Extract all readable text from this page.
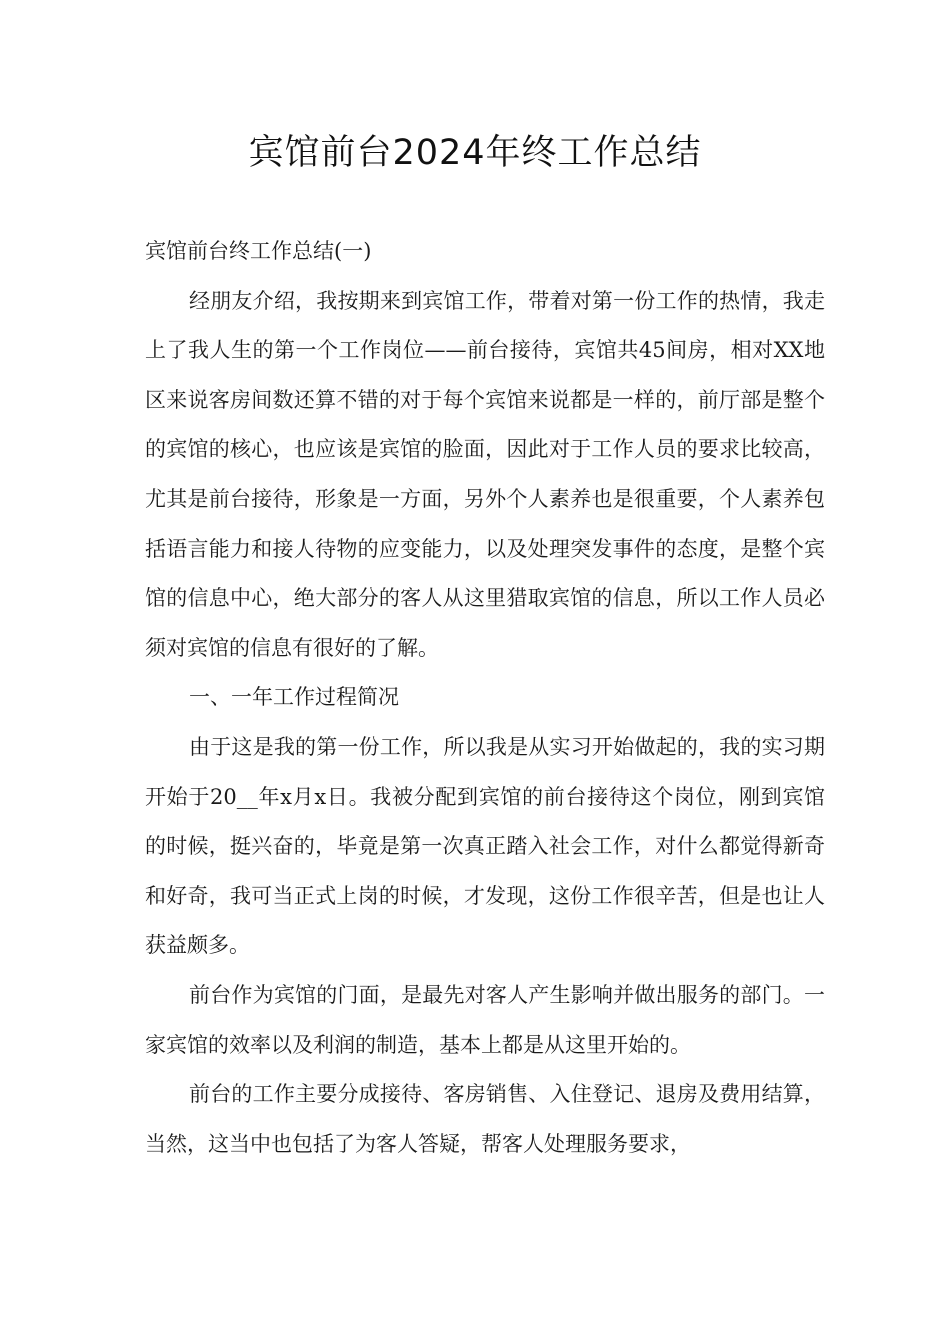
宾馆前台2024年终工作总结

宾馆前台终工作总结(一)

经朋友介绍，我按期来到宾馆工作，带着对第一份工作的热情，我走上了我人生的第一个工作岗位——前台接待，宾馆共45间房，相对XX地区来说客房间数还算不错的对于每个宾馆来说都是一样的，前厅部是整个的宾馆的核心，也应该是宾馆的脸面，因此对于工作人员的要求比较高，尤其是前台接待，形象是一方面，另外个人素养也是很重要，个人素养包括语言能力和接人待物的应变能力，以及处理突发事件的态度，是整个宾馆的信息中心，绝大部分的客人从这里猎取宾馆的信息，所以工作人员必须对宾馆的信息有很好的了解。

一、一年工作过程简况

由于这是我的第一份工作，所以我是从实习开始做起的，我的实习期开始于20__年x月x日。我被分配到宾馆的前台接待这个岗位，刚到宾馆的时候，挺兴奋的，毕竟是第一次真正踏入社会工作，对什么都觉得新奇和好奇，我可当正式上岗的时候，才发现，这份工作很辛苦，但是也让人获益颇多。

前台作为宾馆的门面，是最先对客人产生影响并做出服务的部门。一家宾馆的效率以及利润的制造，基本上都是从这里开始的。

前台的工作主要分成接待、客房销售、入住登记、退房及费用结算，当然，这当中也包括了为客人答疑，帮客人处理服务要求，
